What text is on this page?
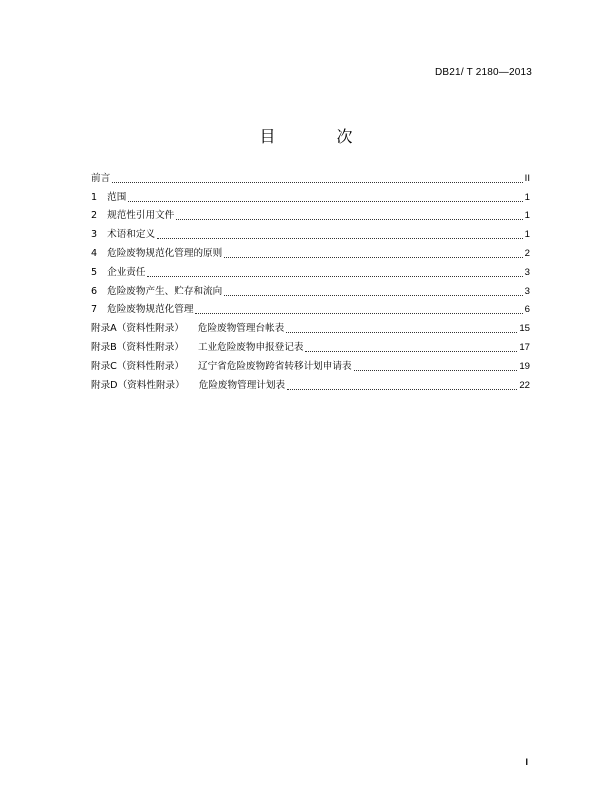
DB21/ T 2180—2013
目 次
前言	II
1 范围	1
2 规范性引用文件	1
3 术语和定义	1
4 危险废物规范化管理的原则	2
5 企业责任	3
6 危险废物产生、贮存和流向	3
7 危险废物规范化管理	6
附录A（资料性附录） 危险废物管理台帐表	15
附录B（资料性附录） 工业危险废物申报登记表	17
附录C（资料性附录） 辽宁省危险废物跨省转移计划申请表	19
附录D（资料性附录） 危险废物管理计划表	22
I
